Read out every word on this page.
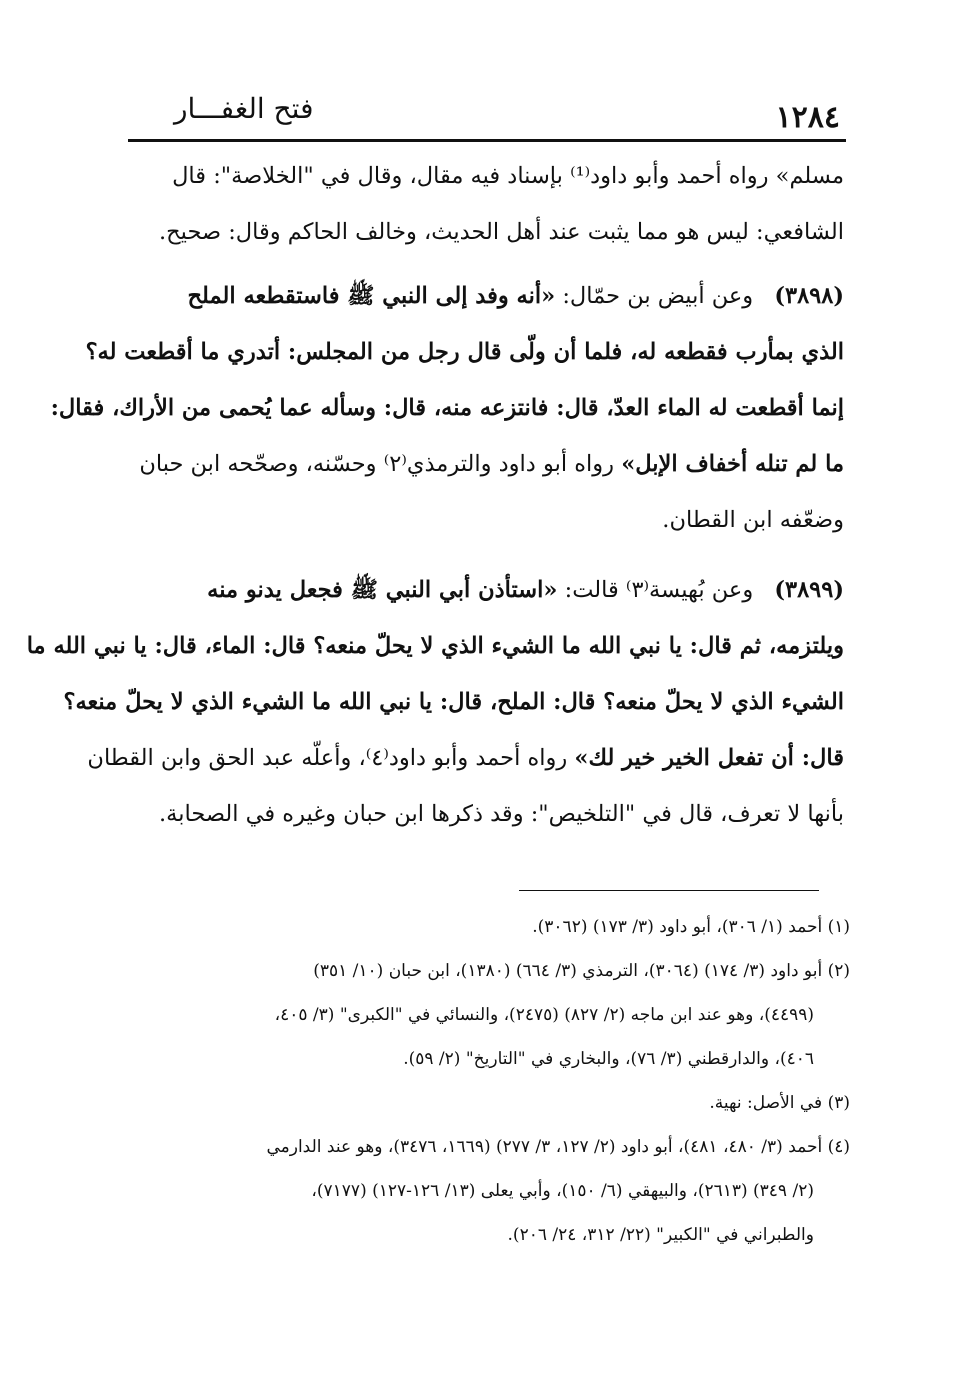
١٢٨٤
فتح الغفـــار
مسلم» رواه أحمد وأبو داود⁽¹⁾ بإسناد فيه مقال، وقال في "الخلاصة": قال
الشافعي: ليس هو مما يثبت عند أهل الحديث، وخالف الحاكم وقال: صحيح.
(٣٨٩٨) وعن أبيض بن حمّال: «أنه وفد إلى النبي ﷺ فاستقطعه الملح
الذي بمأرب فقطعه له، فلما أن ولّى قال رجل من المجلس: أتدري ما أقطعت له؟
إنما أقطعت له الماء العدّ، قال: فانتزعه منه، قال: وسأله عما يُحمى من الأراك، فقال:
ما لم تنله أخفاف الإبل» رواه أبو داود والترمذي⁽٢⁾ وحسّنه، وصحّحه ابن حبان
وضعّفه ابن القطان.
(٣٨٩٩) وعن بُهيسة⁽٣⁾ قالت: «استأذن أبي النبي ﷺ فجعل يدنو منه
ويلتزمه، ثم قال: يا نبي الله ما الشيء الذي لا يحلّ منعه؟ قال: الماء، قال: يا نبي الله ما
الشيء الذي لا يحلّ منعه؟ قال: الملح، قال: يا نبي الله ما الشيء الذي لا يحلّ منعه؟
قال: أن تفعل الخير خير لك» رواه أحمد وأبو داود⁽٤⁾، وأعلّه عبد الحق وابن القطان
بأنها لا تعرف، قال في "التلخيص": وقد ذكرها ابن حبان وغيره في الصحابة.
(١) أحمد (١/ ٣٠٦)، أبو داود (٣/ ١٧٣) (٣٠٦٢).
(٢) أبو داود (٣/ ١٧٤) (٣٠٦٤)، الترمذي (٣/ ٦٦٤) (١٣٨٠)، ابن حبان (١٠/ ٣٥١)
(٤٤٩٩)، وهو عند ابن ماجه (٢/ ٨٢٧) (٢٤٧٥)، والنسائي في "الكبرى" (٣/ ٤٠٥،
٤٠٦)، والدارقطني (٣/ ٧٦)، والبخاري في "التاريخ" (٢/ ٥٩).
(٣) في الأصل: نهية.
(٤) أحمد (٣/ ٤٨٠، ٤٨١)، أبو داود (٢/ ١٢٧، ٣/ ٢٧٧) (١٦٦٩، ٣٤٧٦)، وهو عند الدارمي
(٢/ ٣٤٩) (٢٦١٣)، والبيهقي (٦/ ١٥٠)، وأبي يعلى (١٣/ ١٢٦-١٢٧) (٧١٧٧)،
والطبراني في "الكبير" (٢٢/ ٣١٢، ٢٤/ ٢٠٦).
